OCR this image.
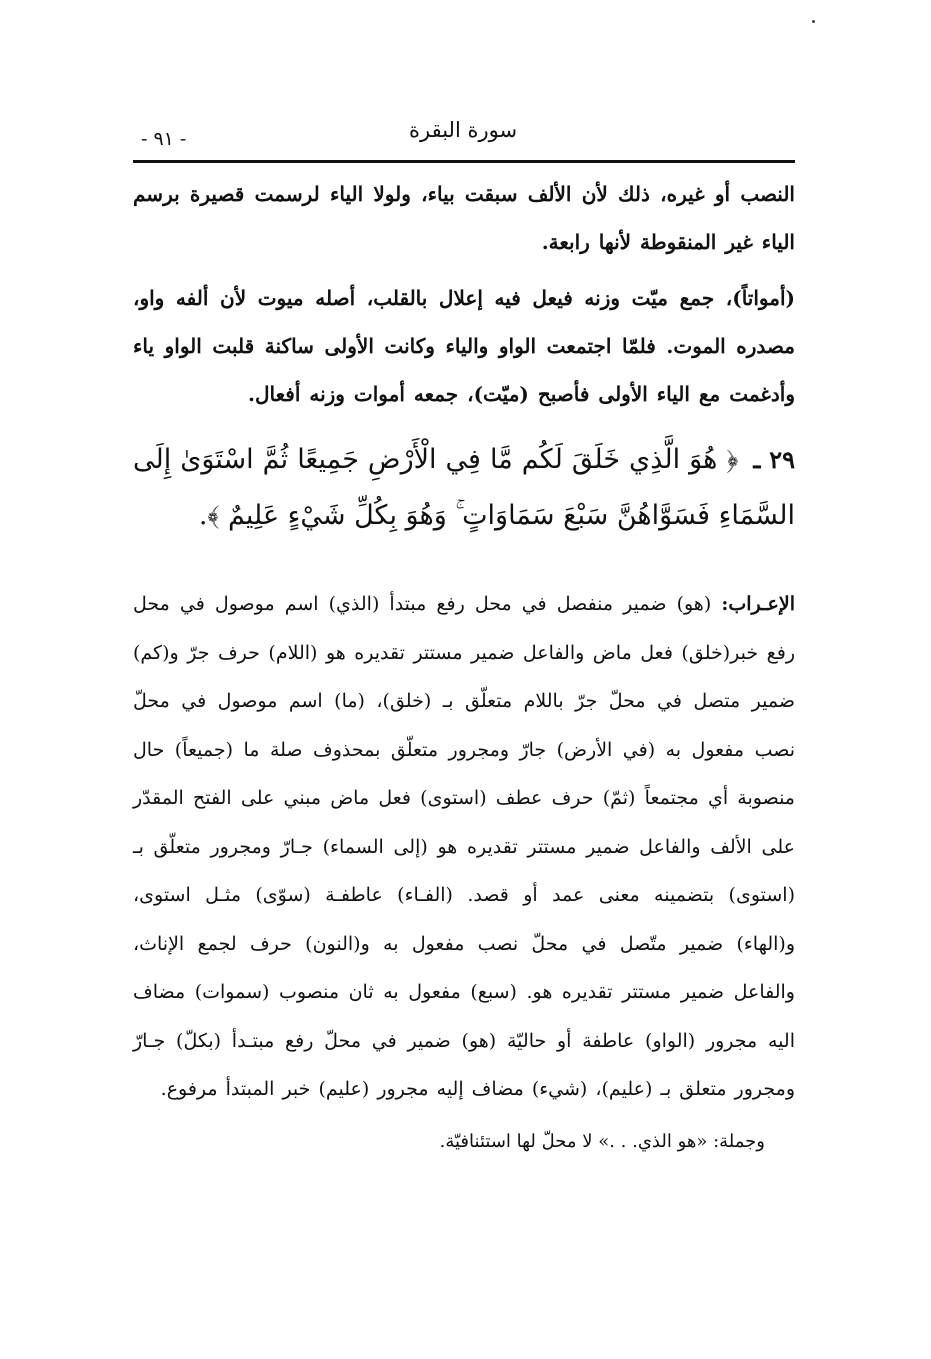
- ٩١ -	سورة البقرة

النصب أو غيره، ذلك لأن الألف سبقت بياء، ولولا الياء لرسمت قصيرة برسم الياء غير المنقوطة لأنها رابعة.

(أمواتاً)، جمع ميّت وزنه فيعل فيه إعلال بالقلب، أصله ميوت لأن ألفه واو، مصدره الموت. فلمّا اجتمعت الواو والياء وكانت الأولى ساكنة قلبت الواو ياء وأدغمت مع الياء الأولى فأصبح (ميّت)، جمعه أموات وزنه أفعال.

٢٩ ـ ﴿ هُوَ الَّذِي خَلَقَ لَكُم مَّا فِي الْأَرْضِ جَمِيعًا ثُمَّ اسْتَوَىٰ إِلَى السَّمَاءِ فَسَوَّاهُنَّ سَبْعَ سَمَاوَاتٍ ۚ وَهُوَ بِكُلِّ شَيْءٍ عَلِيمٌ ﴾.

الإعـراب: (هو) ضمير منفصل في محل رفع مبتدأ (الذي) اسم موصول في محل رفع خبر(خلق) فعل ماض والفاعل ضمير مستتر تقديره هو (اللام) حرف جرّ و(كم) ضمير متصل في محلّ جرّ باللام متعلّق بـ (خلق)، (ما) اسم موصول في محلّ نصب مفعول به (في الأرض) جارّ ومجرور متعلّق بمحذوف صلة ما (جميعاً) حال منصوبة أي مجتمعاً (ثمّ) حرف عطف (استوى) فعل ماض مبني على الفتح المقدّر على الألف والفاعل ضمير مستتر تقديره هو (إلى السماء) جـارّ ومجرور متعلّق بـ (استوى) بتضمينه معنى عمد أو قصد. (الفـاء) عاطفـة (سوّى) مثـل استوى، و(الهاء) ضمير متّصل في محلّ نصب مفعول به و(النون) حرف لجمع الإناث، والفاعل ضمير مستتر تقديره هو. (سبع) مفعول به ثان منصوب (سموات) مضاف اليه مجرور (الواو) عاطفة أو حاليّة (هو) ضمير في محلّ رفع مبتـدأ (بكلّ) جـارّ ومجرور متعلق بـ (عليم)، (شيء) مضاف إليه مجرور (عليم) خبر المبتدأ مرفوع.

وجملة: «هو الذي. . .» لا محلّ لها استئنافيّة.
